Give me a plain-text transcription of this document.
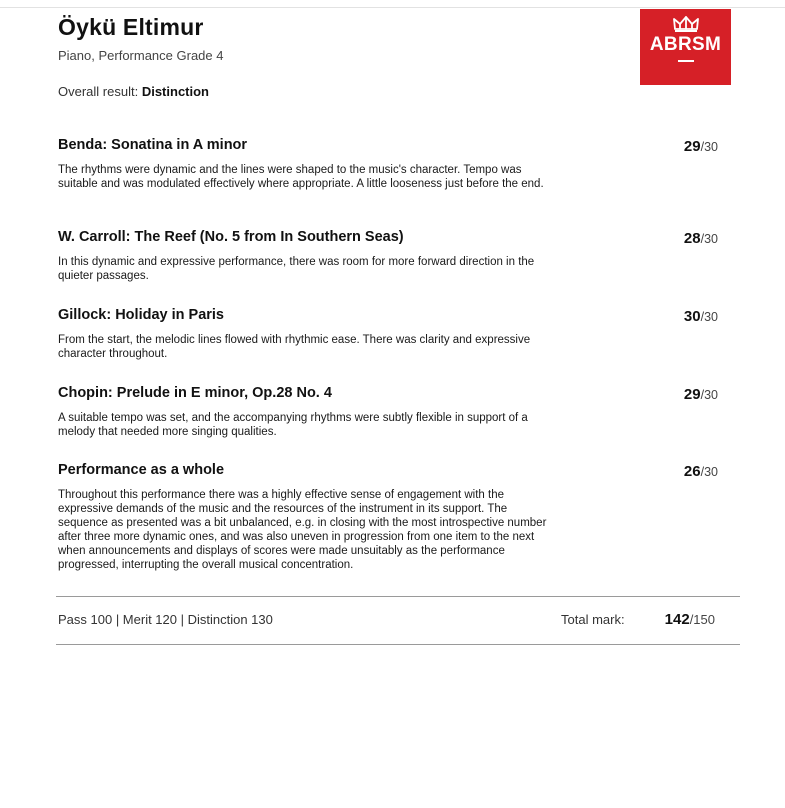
Öykü Eltimur
Piano, Performance Grade 4
Overall result: Distinction
ABRSM
Benda: Sonatina in A minor	29/30
The rhythms were dynamic and the lines were shaped to the music's character. Tempo was suitable and was modulated effectively where appropriate. A little looseness just before the end.
W. Carroll: The Reef (No. 5 from In Southern Seas)	28/30
In this dynamic and expressive performance, there was room for more forward direction in the quieter passages.
Gillock: Holiday in Paris	30/30
From the start, the melodic lines flowed with rhythmic ease. There was clarity and expressive character throughout.
Chopin: Prelude in E minor, Op.28 No. 4	29/30
A suitable tempo was set, and the accompanying rhythms were subtly flexible in support of a melody that needed more singing qualities.
Performance as a whole	26/30
Throughout this performance there was a highly effective sense of engagement with the expressive demands of the music and the resources of the instrument in its support. The sequence as presented was a bit unbalanced, e.g. in closing with the most introspective number after three more dynamic ones, and was also uneven in progression from one item to the next when announcements and displays of scores were made unsuitably as the performance progressed, interrupting the overall musical concentration.
Pass 100 | Merit 120 | Distinction 130	Total mark:	142/150
